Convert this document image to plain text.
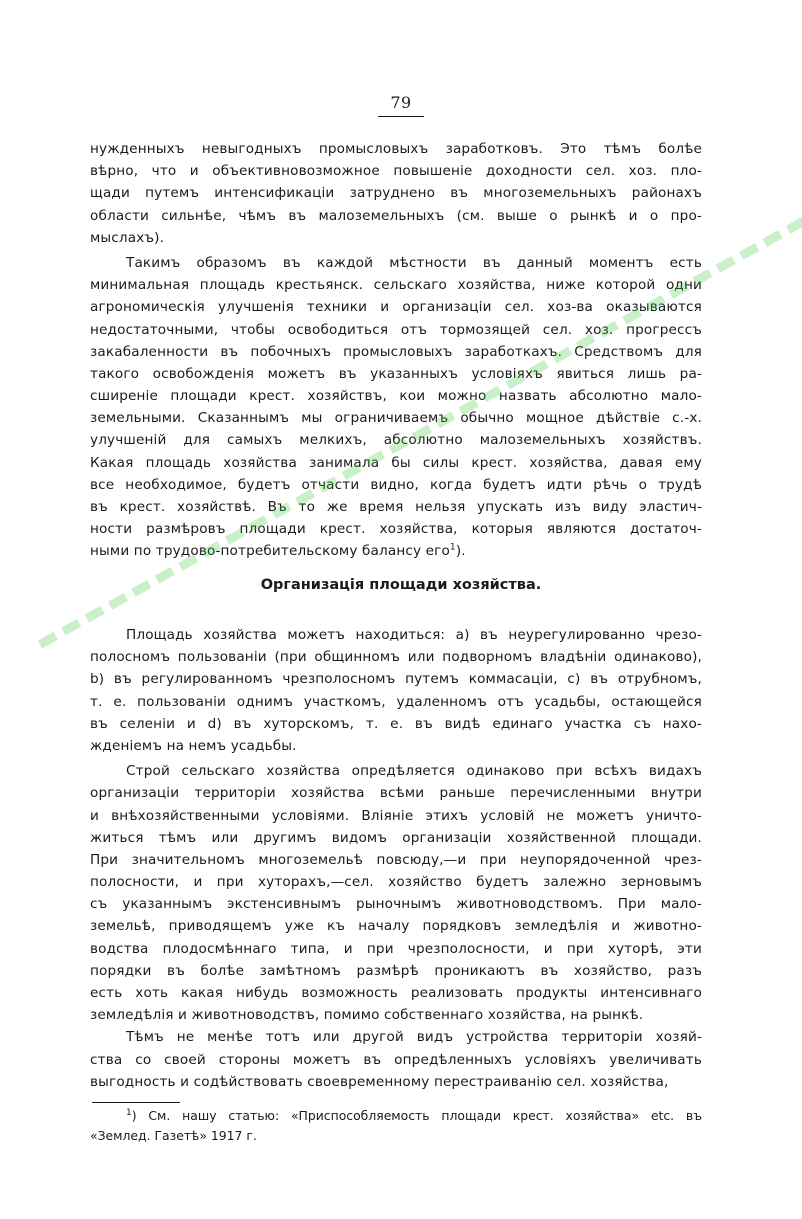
79
нужденныхъ невыгодныхъ промысловыхъ заработковъ. Это тѣмъ болѣе
вѣрно, что и объективновозможное повышеніе доходности сел. хоз. пло-
щади путемъ интенсификаціи затруднено въ многоземельныхъ районахъ
области сильнѣе, чѣмъ въ малоземельныхъ (см. выше о рынкѣ и о про-
мыслахъ).
Такимъ образомъ въ каждой мѣстности въ данный моментъ есть
минимальная площадь крестьянск. сельскаго хозяйства, ниже которой одни
агрономическія улучшенія техники и организаціи сел. хоз-ва оказываются
недостаточными, чтобы освободиться отъ тормозящей сел. хоз. прогрессъ
закабаленности въ побочныхъ промысловыхъ заработкахъ. Средствомъ для
такого освобожденія можетъ въ указанныхъ условіяхъ явиться лишь ра-
сширеніе площади крест. хозяйствъ, кои можно назвать абсолютно мало-
земельными. Сказаннымъ мы ограничиваемъ обычно мощное дѣйствіе с.-х.
улучшеній для самыхъ мелкихъ, абсолютно малоземельныхъ хозяйствъ.
Какая площадь хозяйства занимала бы силы крест. хозяйства, давая ему
все необходимое, будетъ отчасти видно, когда будетъ идти рѣчь о трудѣ
въ крест. хозяйствѣ. Въ то же время нельзя упускать изъ виду эластич-
ности размѣровъ площади крест. хозяйства, которыя являются достаточ-
ными по трудово-потребительскому балансу его$^1$).
Организація площади хозяйства.
Площадь хозяйства можетъ находиться: a) въ неурегулированно чрезо-
полосномъ пользованіи (при общинномъ или подворномъ владѣніи одинаково),
b) въ регулированномъ чрезполосномъ путемъ коммасаціи, c) въ отрубномъ,
т. е. пользованіи однимъ участкомъ, удаленномъ отъ усадьбы, остающейся
въ селеніи и d) въ хуторскомъ, т. е. въ видѣ единаго участка съ нахо-
жденіемъ на немъ усадьбы.
Строй сельскаго хозяйства опредѣляется одинаково при всѣхъ видахъ
организаціи территоріи хозяйства всѣми раньше перечисленными внутри
и внѣхозяйственными условіями. Вліяніе этихъ условій не можетъ уничто-
житься тѣмъ или другимъ видомъ организаціи хозяйственной площади.
При значительномъ многоземельѣ повсюду,—и при неупорядоченной чрез-
полосности, и при хуторахъ,—сел. хозяйство будетъ залежно зерновымъ
съ указаннымъ экстенсивнымъ рыночнымъ животноводствомъ. При мало-
земельѣ, приводящемъ уже къ началу порядковъ земледѣлія и животно-
водства плодосмѣннаго типа, и при чрезполосности, и при хуторѣ, эти
порядки въ болѣе замѣтномъ размѣрѣ проникаютъ въ хозяйство, разъ
есть хоть какая нибудь возможность реализовать продукты интенсивнаго
земледѣлія и животноводствъ, помимо собственнаго хозяйства, на рынкѣ.
Тѣмъ не менѣе тотъ или другой видъ устройства территоріи хозяй-
ства со своей стороны можетъ въ опредѣленныхъ условіяхъ увеличивать
выгодность и содѣйствовать своевременному перестраиванію сел. хозяйства,
$^1$) См. нашу статью: «Приспособляемость площади крест. хозяйства» etc. въ
«Землед. Газетѣ» 1917 г.
